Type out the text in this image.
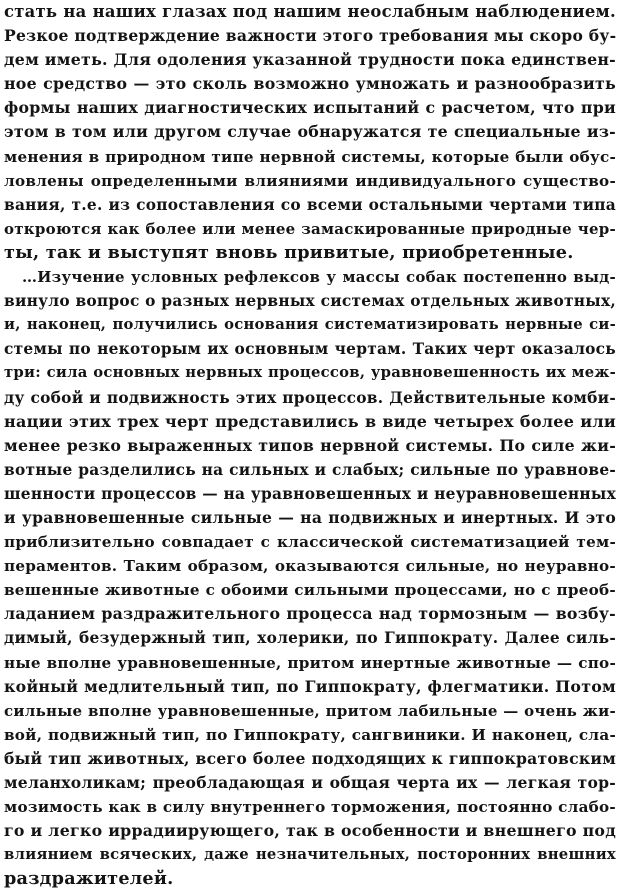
стать на наших глазах под нашим неослабным наблюдением.
Резкое подтверждение важности этого требования мы скоро бу-
дем иметь. Для одоления указанной трудности пока единствен-
ное средство — это сколь возможно умножать и разнообразить
формы наших диагностических испытаний с расчетом, что при
этом в том или другом случае обнаружатся те специальные из-
менения в природном типе нервной системы, которые были обус-
ловлены определенными влияниями индивидуального существо-
вания, т.е. из сопоставления со всеми остальными чертами типа
откроются как более или менее замаскированные природные чер-
ты, так и выступят вновь привитые, приобретенные.
…Изучение условных рефлексов у массы собак постепенно выд-
винуло вопрос о разных нервных системах отдельных животных,
и, наконец, получились основания систематизировать нервные си-
стемы по некоторым их основным чертам. Таких черт оказалось
три: сила основных нервных процессов, уравновешенность их меж-
ду собой и подвижность этих процессов. Действительные комби-
нации этих трех черт представились в виде четырех более или
менее резко выраженных типов нервной системы. По силе жи-
вотные разделились на сильных и слабых; сильные по уравнове-
шенности процессов — на уравновешенных и неуравновешенных
и уравновешенные сильные — на подвижных и инертных. И это
приблизительно совпадает с классической систематизацией тем-
пераментов. Таким образом, оказываются сильные, но неуравно-
вешенные животные с обоими сильными процессами, но с преоб-
ладанием раздражительного процесса над тормозным — возбу-
димый, безудержный тип, холерики, по Гиппократу. Далее силь-
ные вполне уравновешенные, притом инертные животные — спо-
койный медлительный тип, по Гиппократу, флегматики. Потом
сильные вполне уравновешенные, притом лабильные — очень жи-
вой, подвижный тип, по Гиппократу, сангвиники. И наконец, сла-
бый тип животных, всего более подходящих к гиппократовским
меланхоликам; преобладающая и общая черта их — легкая тор-
мозимость как в силу внутреннего торможения, постоянно слабо-
го и легко иррадиирующего, так в особенности и внешнего под
влиянием всяческих, даже незначительных, посторонних внешних
раздражителей.
